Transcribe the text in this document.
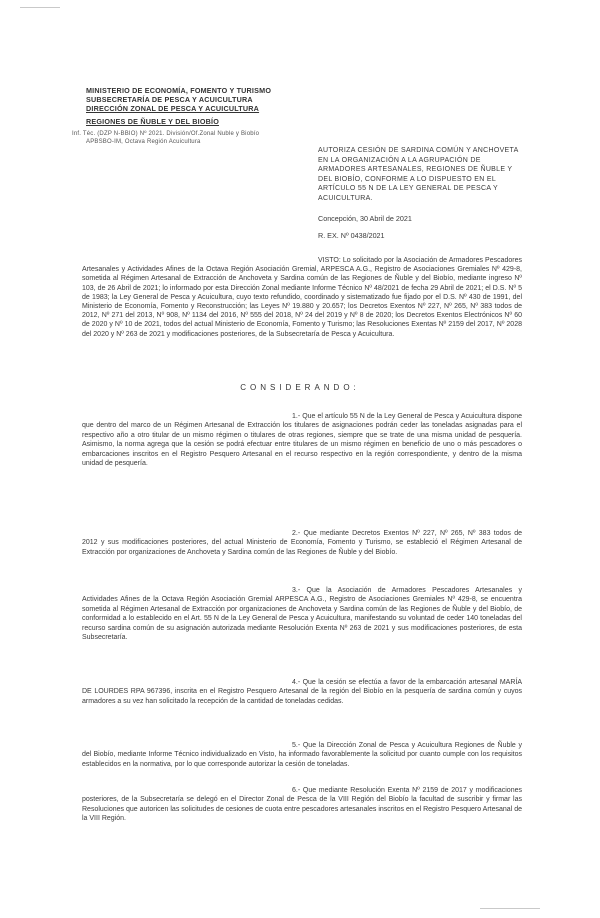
MINISTERIO DE ECONOMÍA, FOMENTO Y TURISMO
SUBSECRETARÍA DE PESCA Y ACUICULTURA
DIRECCIÓN ZONAL DE PESCA Y ACUICULTURA
REGIONES DE ÑUBLE Y DEL BIOBÍO
Inf. Téc. (DZP Ñ-BBIO) Nº 2021. División/Of.Zonal Ñuble y Biobío
APBSBO-IM, Octava Región Acuicultura
AUTORIZA CESIÓN DE SARDINA COMÚN Y ANCHOVETA EN LA ORGANIZACIÓN A LA AGRUPACIÓN DE ARMADORES ARTESANALES, REGIONES DE ÑUBLE Y DEL BIOBÍO, CONFORME A LO DISPUESTO EN EL ARTÍCULO 55 N DE LA LEY GENERAL DE PESCA Y ACUICULTURA.
Concepción, 30 Abril de 2021
R. EX. Nº 0438/2021
VISTO: Lo solicitado por la Asociación de Armadores Pescadores Artesanales y Actividades Afines de la Octava Región Asociación Gremial, ARPESCA A.G., Registro de Asociaciones Gremiales Nº 429-8, sometida al Régimen Artesanal de Extracción de Anchoveta y Sardina común de las Regiones de Ñuble y del Biobío, mediante ingreso Nº 103, de 26 Abril de 2021; lo informado por esta Dirección Zonal mediante Informe Técnico Nº 48/2021 de fecha 29 Abril de 2021; el D.S. Nº 5 de 1983; la Ley General de Pesca y Acuicultura, cuyo texto refundido, coordinado y sistematizado fue fijado por el D.S. Nº 430 de 1991, del Ministerio de Economía, Fomento y Reconstrucción; las Leyes Nº 19.880 y 20.657; los Decretos Exentos Nº 227, Nº 265, Nº 383 todos de 2012, Nº 271 del 2013, Nº 908, Nº 1134 del 2016, Nº 555 del 2018, Nº 24 del 2019 y Nº 8 de 2020; los Decretos Exentos Electrónicos Nº 60 de 2020 y Nº 10 de 2021, todos del actual Ministerio de Economía, Fomento y Turismo; las Resoluciones Exentas Nº 2159 del 2017, Nº 2028 del 2020 y Nº 263 de 2021 y modificaciones posteriores, de la Subsecretaría de Pesca y Acuicultura.
CONSIDERANDO:
1.- Que el artículo 55 N de la Ley General de Pesca y Acuicultura dispone que dentro del marco de un Régimen Artesanal de Extracción los titulares de asignaciones podrán ceder las toneladas asignadas para el respectivo año a otro titular de un mismo régimen o titulares de otras regiones, siempre que se trate de una misma unidad de pesquería. Asimismo, la norma agrega que la cesión se podrá efectuar entre titulares de un mismo régimen en beneficio de uno o más pescadores o embarcaciones inscritos en el Registro Pesquero Artesanal en el recurso respectivo en la región correspondiente, y dentro de la misma unidad de pesquería.
2.- Que mediante Decretos Exentos Nº 227, Nº 265, Nº 383 todos de 2012 y sus modificaciones posteriores, del actual Ministerio de Economía, Fomento y Turismo, se estableció el Régimen Artesanal de Extracción por organizaciones de Anchoveta y Sardina común de las Regiones de Ñuble y del Biobío.
3.- Que la Asociación de Armadores Pescadores Artesanales y Actividades Afines de la Octava Región Asociación Gremial ARPESCA A.G., Registro de Asociaciones Gremiales Nº 429-8, se encuentra sometida al Régimen Artesanal de Extracción por organizaciones de Anchoveta y Sardina común de las Regiones de Ñuble y del Biobío, de conformidad a lo establecido en el Art. 55 N de la Ley General de Pesca y Acuicultura, manifestando su voluntad de ceder 140 toneladas del recurso sardina común de su asignación autorizada mediante Resolución Exenta Nº 263 de 2021 y sus modificaciones posteriores, de esta Subsecretaría.
4.- Que la cesión se efectúa a favor de la embarcación artesanal MARÍA DE LOURDES RPA 967396, inscrita en el Registro Pesquero Artesanal de la región del Biobío en la pesquería de sardina común y cuyos armadores a su vez han solicitado la recepción de la cantidad de toneladas cedidas.
5.- Que la Dirección Zonal de Pesca y Acuicultura Regiones de Ñuble y del Biobío, mediante Informe Técnico individualizado en Visto, ha informado favorablemente la solicitud por cuanto cumple con los requisitos establecidos en la normativa, por lo que corresponde autorizar la cesión de toneladas.
6.- Que mediante Resolución Exenta Nº 2159 de 2017 y modificaciones posteriores, de la Subsecretaría se delegó en el Director Zonal de Pesca de la VIII Región del Biobío la facultad de suscribir y firmar las Resoluciones que autoricen las solicitudes de cesiones de cuota entre pescadores artesanales inscritos en el Registro Pesquero Artesanal de la VIII Región.
